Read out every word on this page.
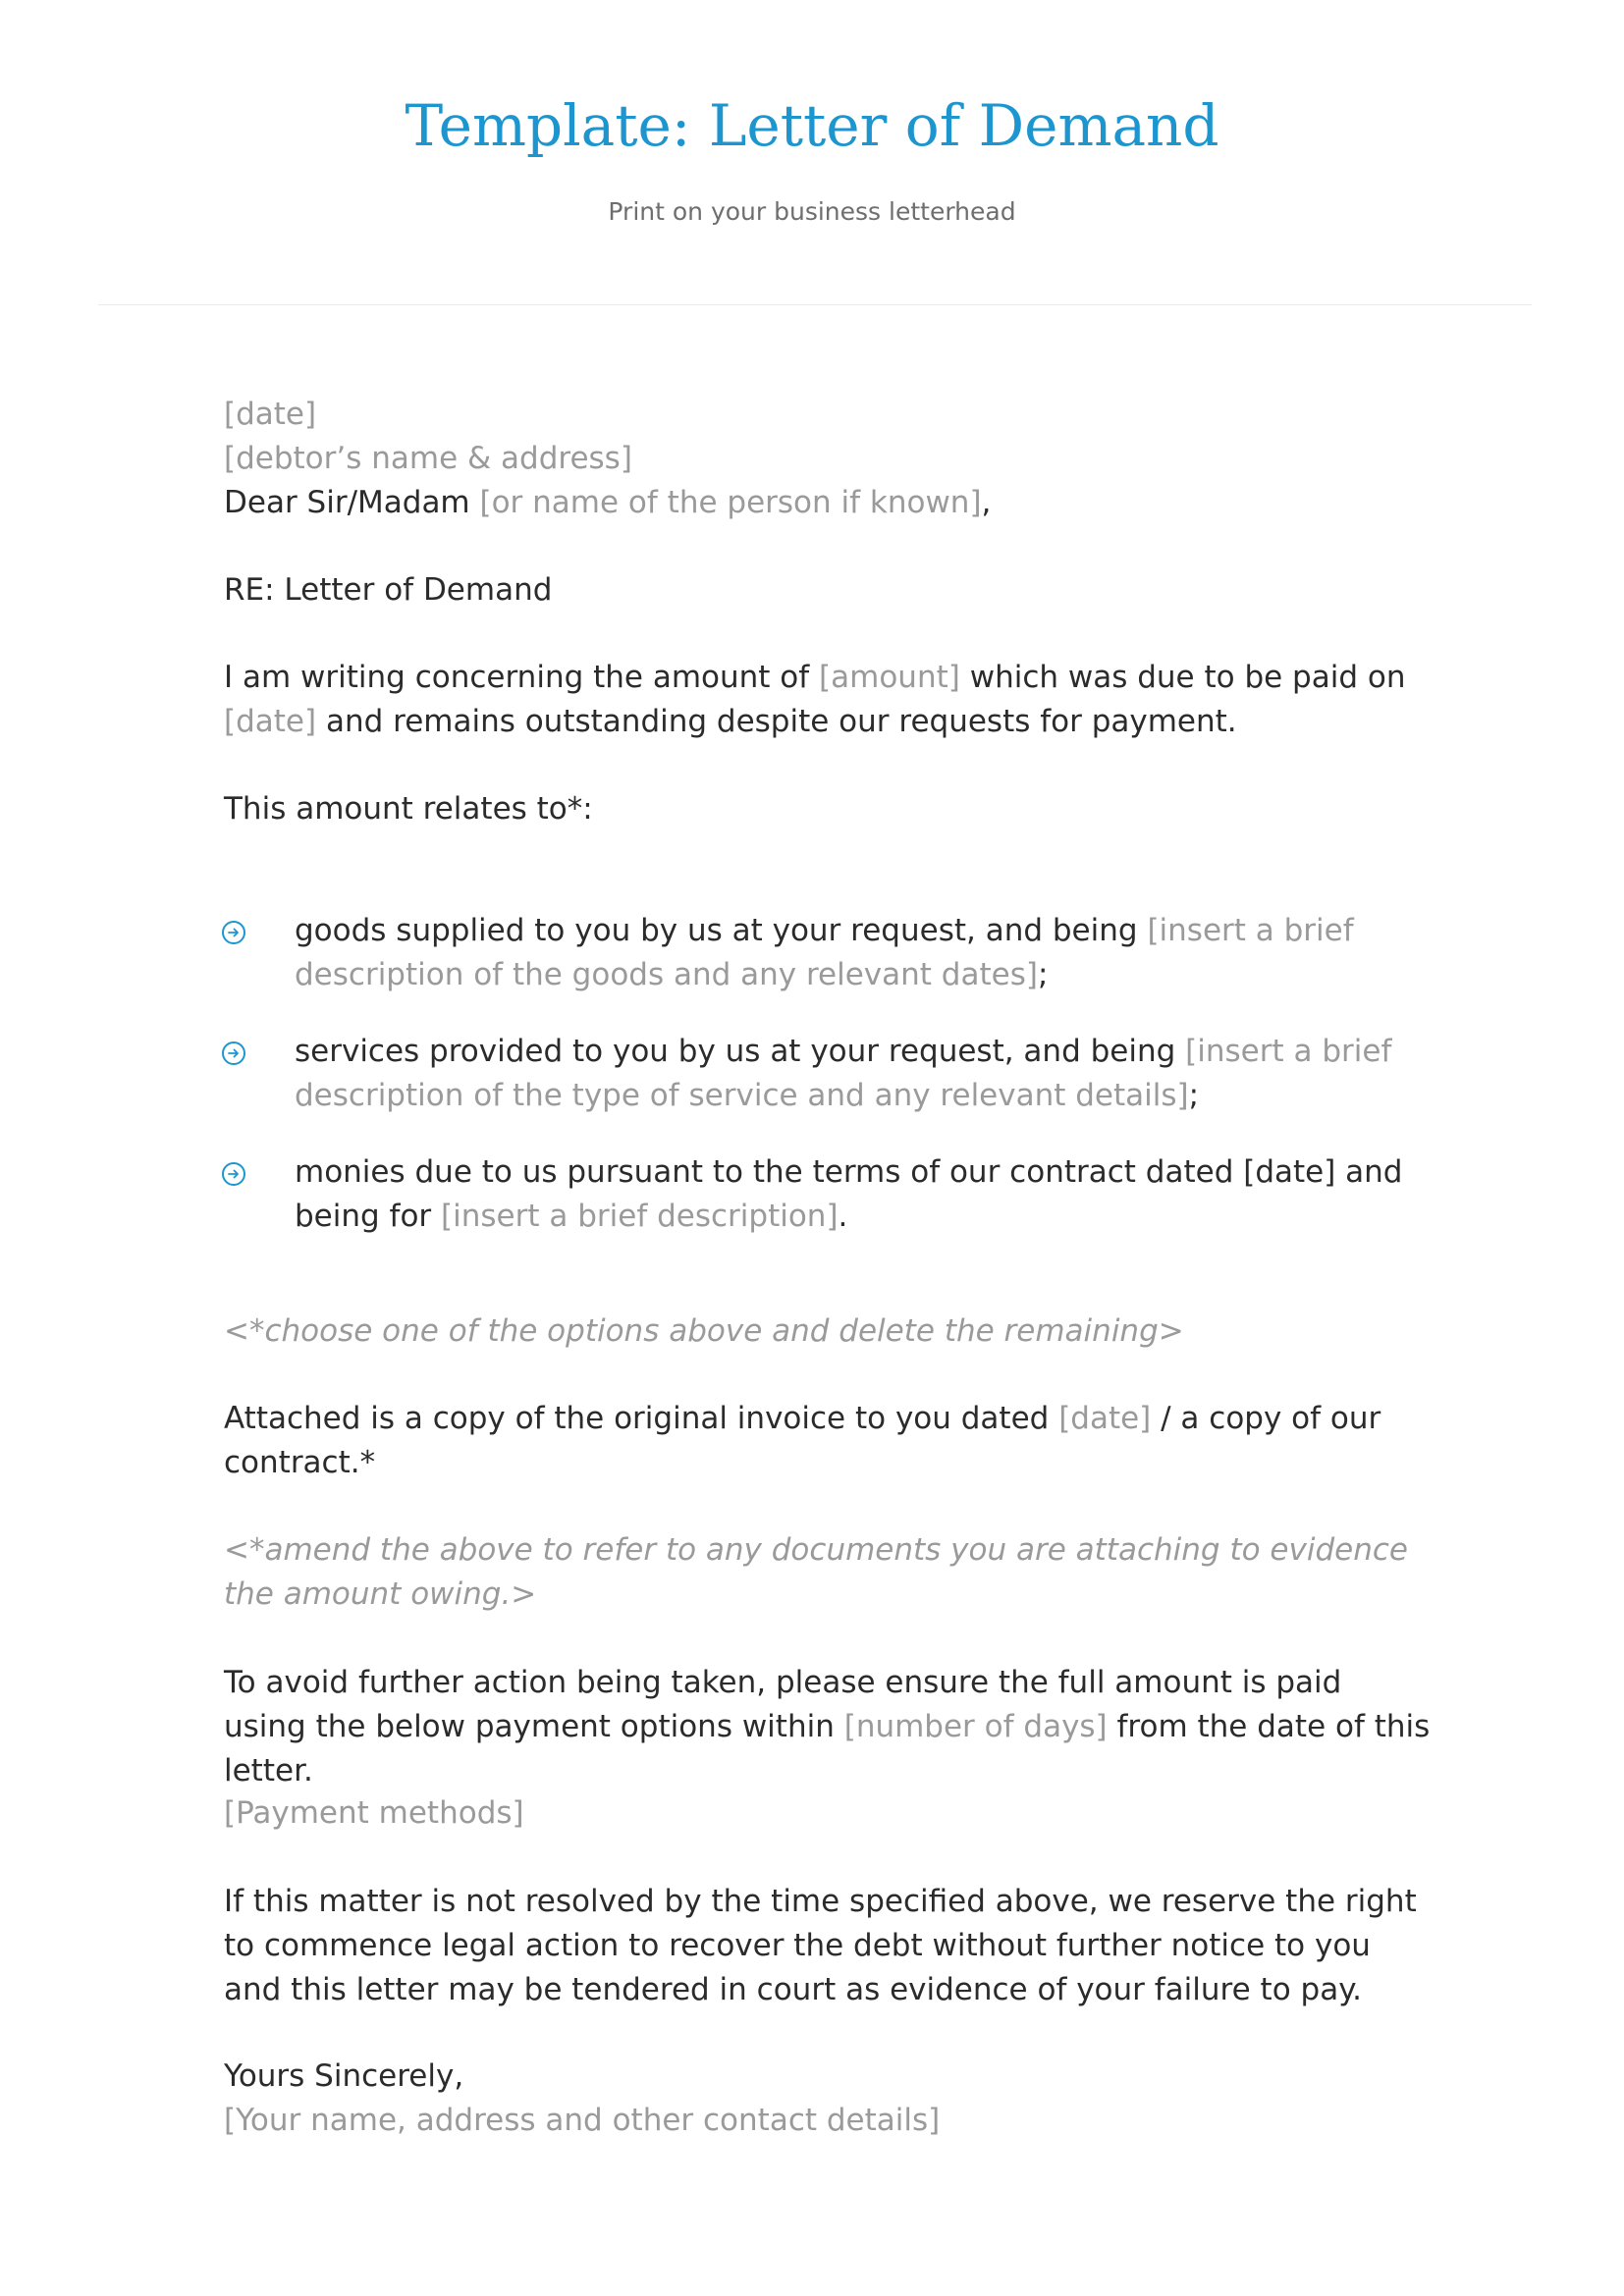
Template: Letter of Demand
Print on your business letterhead
[date]
[debtor’s name & address]
Dear Sir/Madam [or name of the person if known],
RE: Letter of Demand
I am writing concerning the amount of [amount] which was due to be paid on
[date] and remains outstanding despite our requests for payment.
This amount relates to*:
goods supplied to you by us at your request, and being [insert a brief description of the goods and any relevant dates];
services provided to you by us at your request, and being [insert a brief description of the type of service and any relevant details];
monies due to us pursuant to the terms of our contract dated [date] and being for [insert a brief description].
<*choose one of the options above and delete the remaining>
Attached is a copy of the original invoice to you dated [date] / a copy of our contract.*
<*amend the above to refer to any documents you are attaching to evidence the amount owing.>
To avoid further action being taken, please ensure the full amount is paid using the below payment options within [number of days] from the date of this letter.
[Payment methods]
If this matter is not resolved by the time specified above, we reserve the right to commence legal action to recover the debt without further notice to you and this letter may be tendered in court as evidence of your failure to pay.
Yours Sincerely,
[Your name, address and other contact details]
